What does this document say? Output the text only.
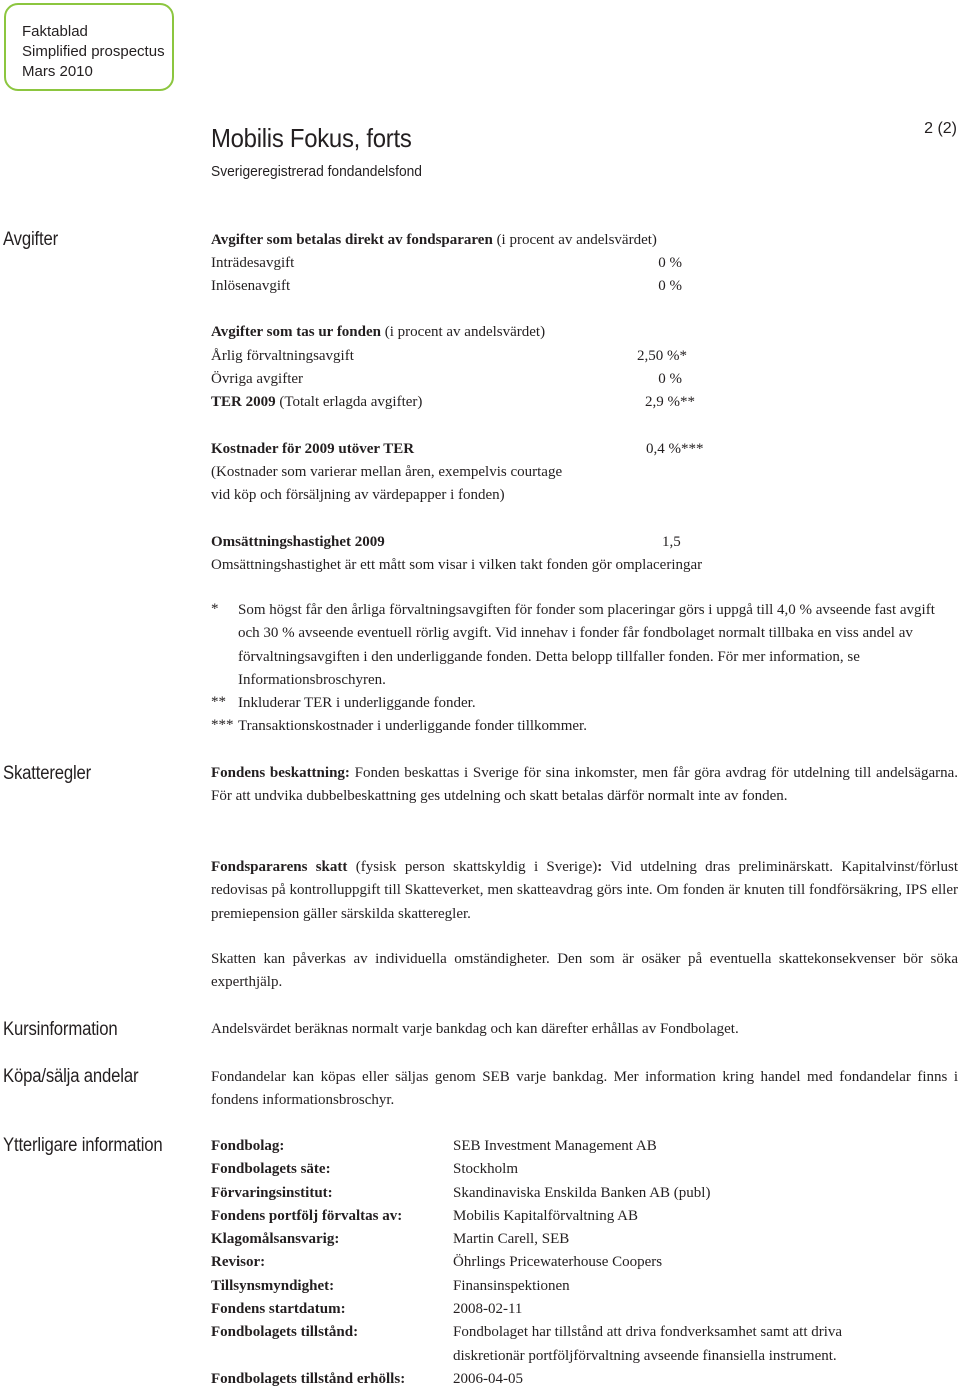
Faktablad
Simplified prospectus
Mars 2010
Mobilis Fokus, forts
Sverigeregistrerad fondandelsfond
2 (2)
Avgifter
Skatteregler
Kursinformation
Köpa/sälja andelar
Ytterligare information
Avgifter som betalas direkt av fondspararen (i procent av andelsvärdet)
Inträdesavgift	0 %
Inlösenavgift	0 %
Avgifter som tas ur fonden (i procent av andelsvärdet)
Årlig förvaltningsavgift	2,50 %*
Övriga avgifter	0 %
TER 2009 (Totalt erlagda avgifter)	2,9 %**
Kostnader för 2009 utöver TER	0,4 %***
(Kostnader som varierar mellan åren, exempelvis courtage
vid köp och försäljning av värdepapper i fonden)
Omsättningshastighet 2009	1,5
Omsättningshastighet är ett mått som visar i vilken takt fonden gör omplaceringar
* Som högst får den årliga förvaltningsavgiften för fonder som placeringar görs i uppgå till 4,0 % avseende fast avgift och 30 % avseende eventuell rörlig avgift. Vid innehav i fonder får fondbolaget normalt tillbaka en viss andel av förvaltningsavgiften i den underliggande fonden. Detta belopp tillfaller fonden. För mer information, se Informationsbroschyren.
** Inkluderar TER i underliggande fonder.
*** Transaktionskostnader i underliggande fonder tillkommer.
Fondens beskattning: Fonden beskattas i Sverige för sina inkomster, men får göra avdrag för utdelning till andelsägarna. För att undvika dubbelbeskattning ges utdelning och skatt betalas därför normalt inte av fonden.
Fondspararens skatt (fysisk person skattskyldig i Sverige): Vid utdelning dras preliminärskatt. Kapitalvinst/förlust redovisas på kontrolluppgift till Skatteverket, men skatteavdrag görs inte. Om fonden är knuten till fondförsäkring, IPS eller premiepension gäller särskilda skatteregler.
Skatten kan påverkas av individuella omständigheter. Den som är osäker på eventuella skattekonsekvenser bör söka experthjälp.
Andelsvärdet beräknas normalt varje bankdag och kan därefter erhållas av Fondbolaget.
Fondandelar kan köpas eller säljas genom SEB varje bankdag. Mer information kring handel med fondandelar finns i fondens informationsbroschyr.
Fondbolag:	SEB Investment Management AB
Fondbolagets säte:	Stockholm
Förvaringsinstitut:	Skandinaviska Enskilda Banken AB (publ)
Fondens portfölj förvaltas av:	Mobilis Kapitalförvaltning AB
Klagomålsansvarig:	Martin Carell, SEB
Revisor:	Öhrlings Pricewaterhouse Coopers
Tillsynsmyndighet:	Finansinspektionen
Fondens startdatum:	2008-02-11
Fondbolagets tillstånd:	Fondbolaget har tillstånd att driva fondverksamhet samt att driva
diskretionär portföljförvaltning avseende finansiella instrument.
Fondbolagets tillstånd erhölls:	2006-04-05
